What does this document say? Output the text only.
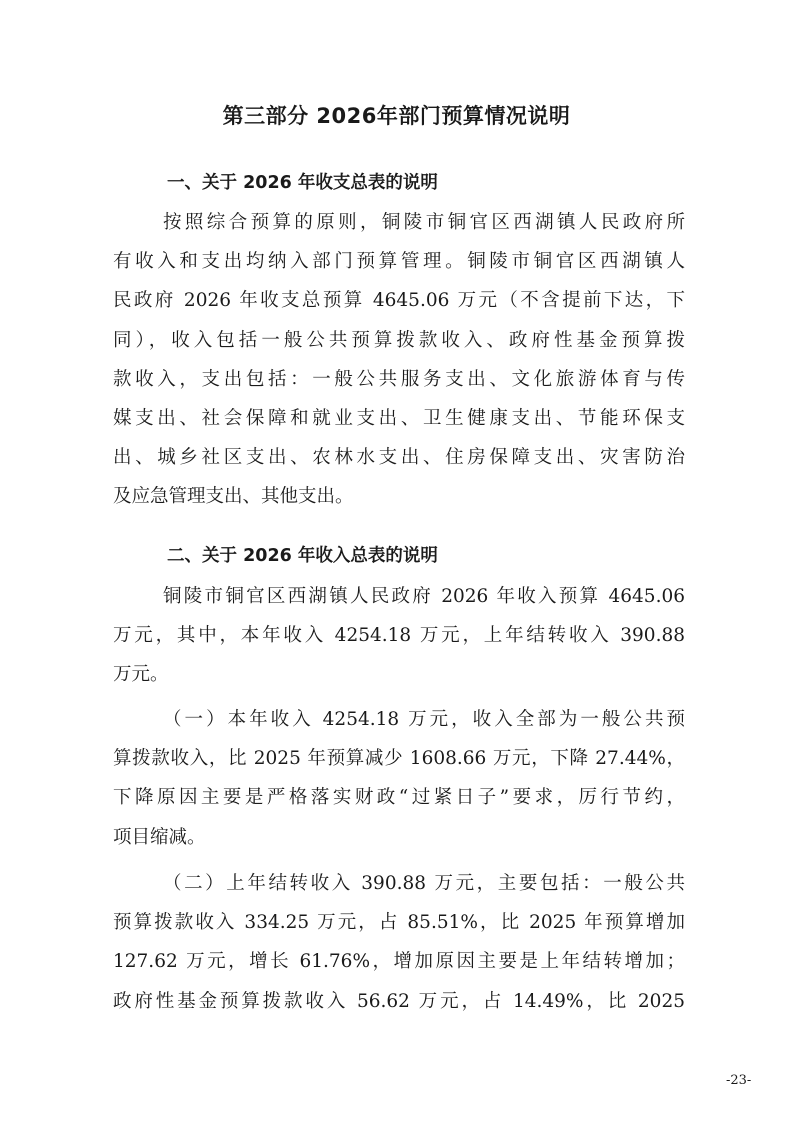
第三部分 2026年部门预算情况说明
一、关于 2026 年收支总表的说明
按照综合预算的原则，铜陵市铜官区西湖镇人民政府所
有收入和支出均纳入部门预算管理。铜陵市铜官区西湖镇人
民政府 2026 年收支总预算 4645.06 万元（不含提前下达，下
同），收入包括一般公共预算拨款收入、政府性基金预算拨
款收入，支出包括：一般公共服务支出、文化旅游体育与传
媒支出、社会保障和就业支出、卫生健康支出、节能环保支
出、城乡社区支出、农林水支出、住房保障支出、灾害防治
及应急管理支出、其他支出。
二、关于 2026 年收入总表的说明
铜陵市铜官区西湖镇人民政府 2026 年收入预算 4645.06
万元，其中，本年收入 4254.18 万元，上年结转收入 390.88
万元。
（一）本年收入 4254.18 万元，收入全部为一般公共预
算拨款收入，比 2025 年预算减少 1608.66 万元，下降 27.44%，
下降原因主要是严格落实财政“过紧日子”要求，厉行节约，
项目缩减。
（二）上年结转收入 390.88 万元，主要包括：一般公共
预算拨款收入 334.25 万元，占 85.51%，比 2025 年预算增加
127.62 万元，增长 61.76%，增加原因主要是上年结转增加；
政府性基金预算拨款收入 56.62 万元，占 14.49%，比 2025
-23-
